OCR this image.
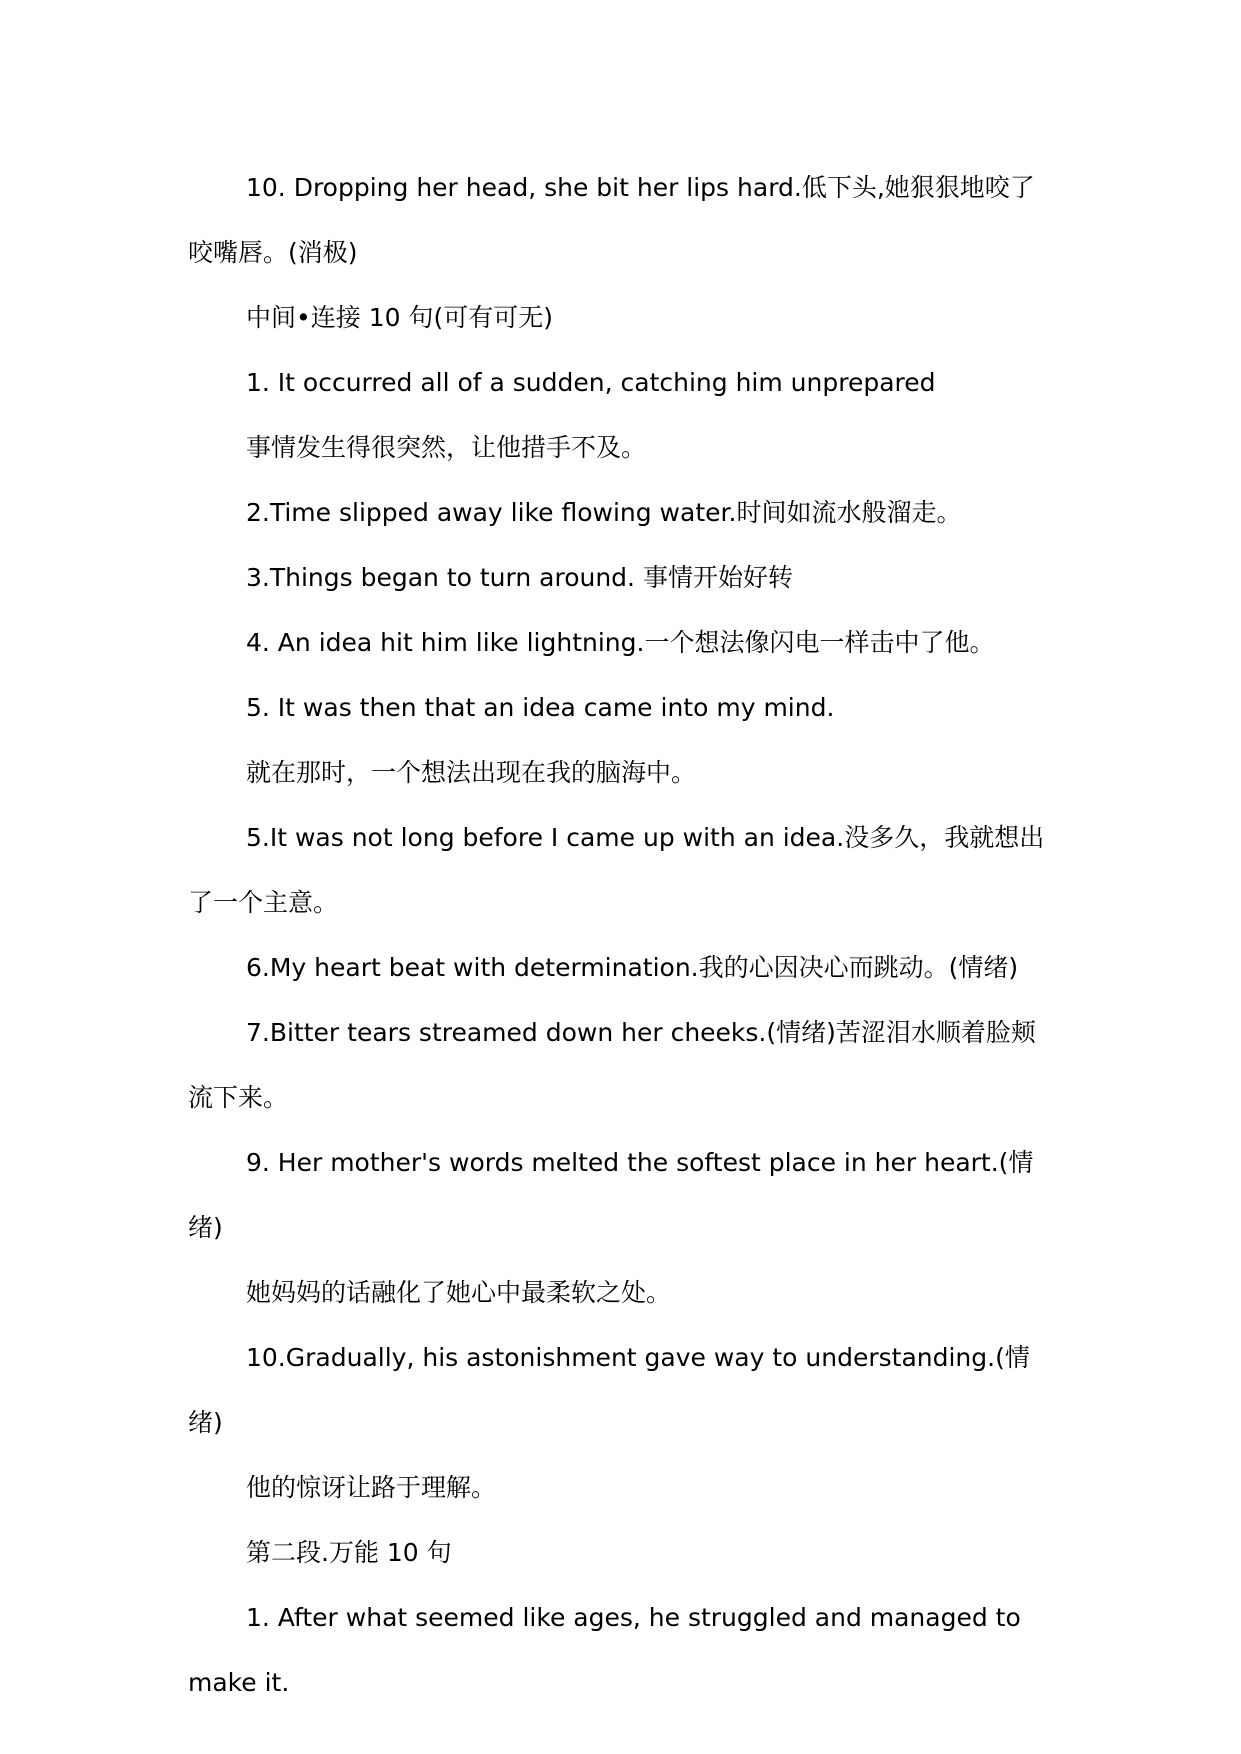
10. Dropping her head, she bit her lips hard.低下头,她狠狠地咬了咬嘴唇。(消极)

中间•连接 10 句(可有可无)

1. It occurred all of a sudden, catching him unprepared

事情发生得很突然，让他措手不及。

2.Time slipped away like flowing water.时间如流水般溜走。

3.Things began to turn around. 事情开始好转

4. An idea hit him like lightning.一个想法像闪电一样击中了他。

5. It was then that an idea came into my mind.

就在那时，一个想法出现在我的脑海中。

5.It was not long before I came up with an idea.没多久，我就想出了一个主意。

6.My heart beat with determination.我的心因决心而跳动。(情绪)

7.Bitter tears streamed down her cheeks.(情绪)苦涩泪水顺着脸颊流下来。

9. Her mother's words melted the softest place in her heart.(情绪)

她妈妈的话融化了她心中最柔软之处。

10.Gradually, his astonishment gave way to understanding.(情绪)

他的惊讶让路于理解。

第二段.万能 10 句

1. After what seemed like ages, he struggled and managed to make it.
